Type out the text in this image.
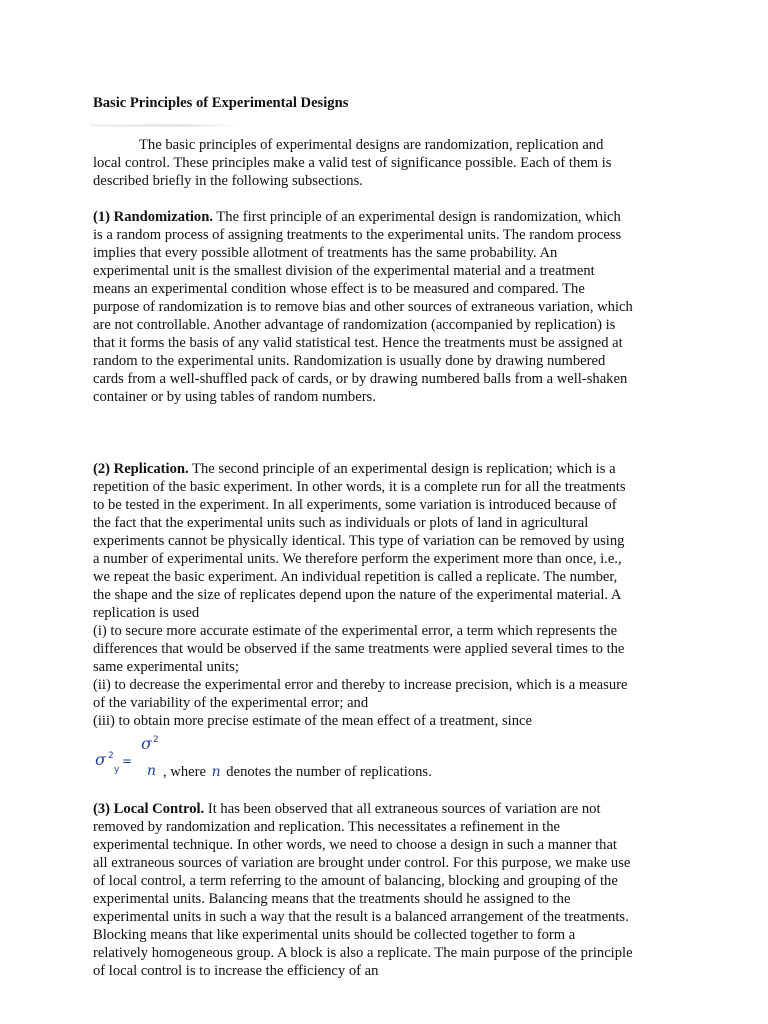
Basic Principles of Experimental Designs

The basic principles of experimental designs are randomization, replication and local control. These principles make a valid test of significance possible. Each of them is described briefly in the following subsections.

(1) Randomization. The first principle of an experimental design is randomization, which is a random process of assigning treatments to the experimental units. The random process implies that every possible allotment of treatments has the same probability. An experimental unit is the smallest division of the experimental material and a treatment means an experimental condition whose effect is to be measured and compared. The purpose of randomization is to remove bias and other sources of extraneous variation, which are not controllable. Another advantage of randomization (accompanied by replication) is that it forms the basis of any valid statistical test. Hence the treatments must be assigned at random to the experimental units. Randomization is usually done by drawing numbered cards from a well-shuffled pack of cards, or by drawing numbered balls from a well-shaken container or by using tables of random numbers.

(2) Replication. The second principle of an experimental design is replication; which is a repetition of the basic experiment. In other words, it is a complete run for all the treatments to be tested in the experiment. In all experiments, some variation is introduced because of the fact that the experimental units such as individuals or plots of land in agricultural experiments cannot be physically identical. This type of variation can be removed by using a number of experimental units. We therefore perform the experiment more than once, i.e., we repeat the basic experiment. An individual repetition is called a replicate. The number, the shape and the size of replicates depend upon the nature of the experimental material. A replication is used

(i) to secure more accurate estimate of the experimental error, a term which represents the differences that would be observed if the same treatments were applied several times to the same experimental units;

(ii) to decrease the experimental error and thereby to increase precision, which is a measure of the variability of the experimental error; and

(iii) to obtain more precise estimate of the mean effect of a treatment, since

σ 2
y
=
σ 2
n , where n denotes the number of replications.

(3) Local Control. It has been observed that all extraneous sources of variation are not removed by randomization and replication. This necessitates a refinement in the experimental technique. In other words, we need to choose a design in such a manner that all extraneous sources of variation are brought under control. For this purpose, we make use of local control, a term referring to the amount of balancing, blocking and grouping of the experimental units. Balancing means that the treatments should he assigned to the experimental units in such a way that the result is a balanced arrangement of the treatments. Blocking means that like experimental units should be collected together to form a relatively homogeneous group. A block is also a replicate. The main purpose of the principle of local control is to increase the efficiency of an
